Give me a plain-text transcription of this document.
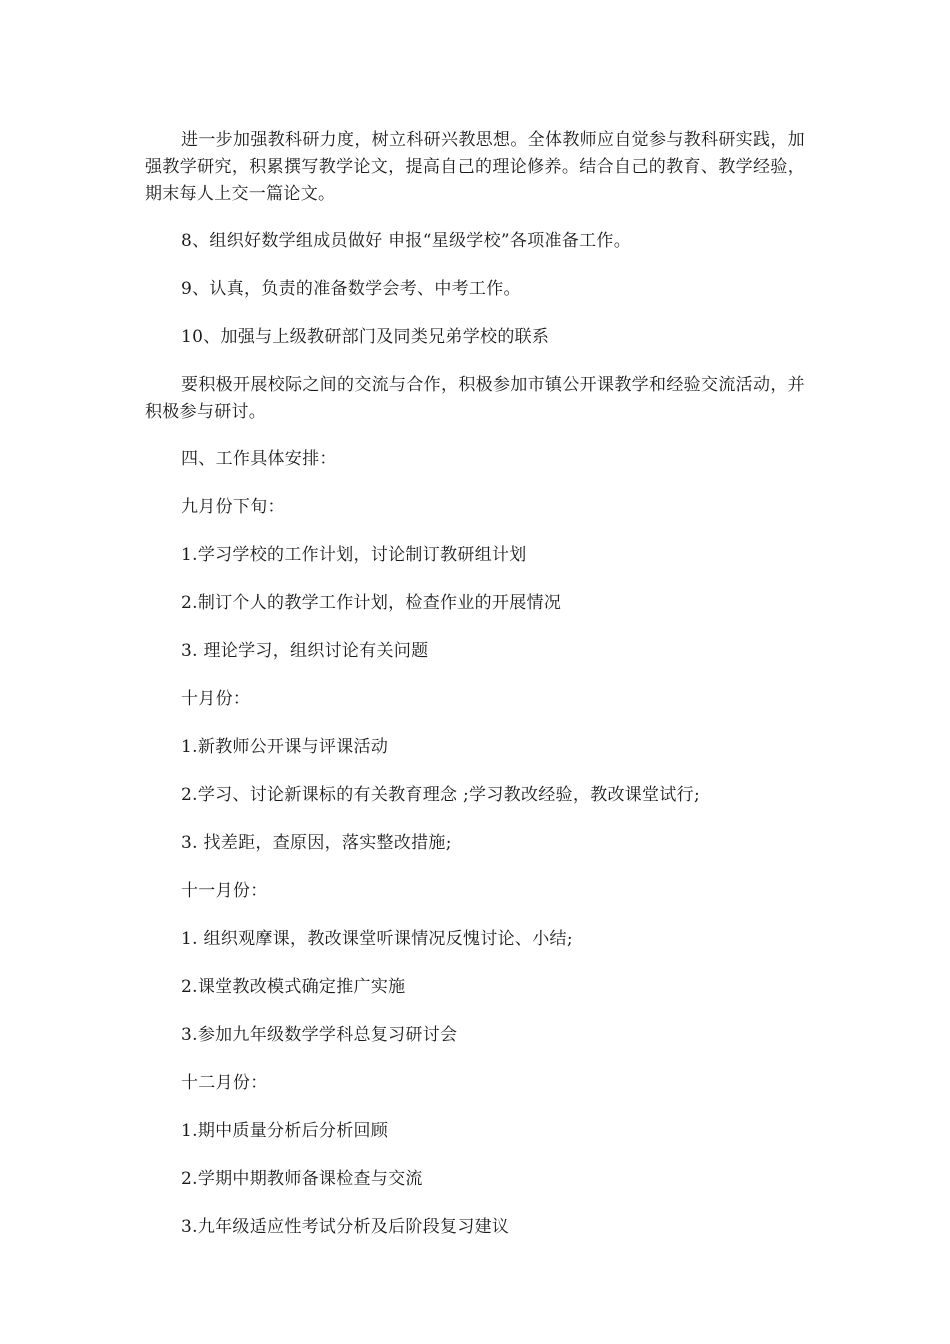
进一步加强教科研力度，树立科研兴教思想。全体教师应自觉参与教科研实践，加强教学研究，积累撰写教学论文，提高自己的理论修养。结合自己的教育、教学经验，期末每人上交一篇论文。

8、组织好数学组成员做好 申报“星级学校”各项准备工作。

9、认真，负责的准备数学会考、中考工作。

10、加强与上级教研部门及同类兄弟学校的联系

要积极开展校际之间的交流与合作，积极参加市镇公开课教学和经验交流活动，并积极参与研讨。

四、工作具体安排：

九月份下旬：

1.学习学校的工作计划，讨论制订教研组计划

2.制订个人的教学工作计划，检查作业的开展情况

3. 理论学习，组织讨论有关问题

十月份：

1.新教师公开课与评课活动

2.学习、讨论新课标的有关教育理念 ;学习教改经验，教改课堂试行;

3. 找差距，查原因，落实整改措施;

十一月份：

1. 组织观摩课，教改课堂听课情况反愧讨论、小结;

2.课堂教改模式确定推广实施

3.参加九年级数学学科总复习研讨会

十二月份：

1.期中质量分析后分析回顾

2.学期中期教师备课检查与交流

3.九年级适应性考试分析及后阶段复习建议
